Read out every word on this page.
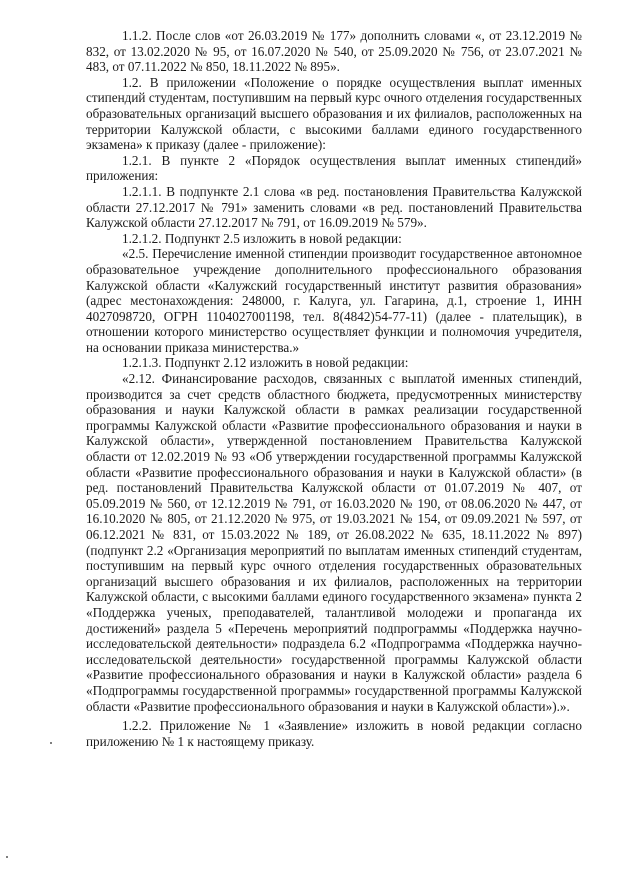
1.1.2. После слов «от 26.03.2019 № 177» дополнить словами «, от 23.12.2019 № 832, от 13.02.2020 № 95, от 16.07.2020 № 540, от 25.09.2020 № 756, от 23.07.2021 № 483, от 07.11.2022 № 850, 18.11.2022 № 895».

1.2. В приложении «Положение о порядке осуществления выплат именных стипендий студентам, поступившим на первый курс очного отделения государственных образовательных организаций высшего образования и их филиалов, расположенных на территории Калужской области, с высокими баллами единого государственного экзамена» к приказу (далее - приложение):

1.2.1. В пункте 2 «Порядок осуществления выплат именных стипендий» приложения:

1.2.1.1. В подпункте 2.1 слова «в ред. постановления Правительства Калужской области 27.12.2017 № 791» заменить словами «в ред. постановлений Правительства Калужской области 27.12.2017 № 791, от 16.09.2019 № 579».

1.2.1.2. Подпункт 2.5 изложить в новой редакции:

«2.5. Перечисление именной стипендии производит государственное автономное образовательное учреждение дополнительного профессионального образования Калужской области «Калужский государственный институт развития образования» (адрес местонахождения: 248000, г. Калуга, ул. Гагарина, д.1, строение 1, ИНН 4027098720, ОГРН 1104027001198, тел. 8(4842)54-77-11) (далее - плательщик), в отношении которого министерство осуществляет функции и полномочия учредителя, на основании приказа министерства.»

1.2.1.3. Подпункт 2.12 изложить в новой редакции:

«2.12. Финансирование расходов, связанных с выплатой именных стипендий, производится за счет средств областного бюджета, предусмотренных министерству образования и науки Калужской области в рамках реализации государственной программы Калужской области «Развитие профессионального образования и науки в Калужской области», утвержденной постановлением Правительства Калужской области от 12.02.2019 № 93 «Об утверждении государственной программы Калужской области «Развитие профессионального образования и науки в Калужской области» (в ред. постановлений Правительства Калужской области от 01.07.2019 № 407, от 05.09.2019 № 560, от 12.12.2019 № 791, от 16.03.2020 № 190, от 08.06.2020 № 447, от 16.10.2020 № 805, от 21.12.2020 № 975, от 19.03.2021 № 154, от 09.09.2021 № 597, от 06.12.2021 № 831, от 15.03.2022 № 189, от 26.08.2022 № 635, 18.11.2022 № 897) (подпункт 2.2 «Организация мероприятий по выплатам именных стипендий студентам, поступившим на первый курс очного отделения государственных образовательных организаций высшего образования и их филиалов, расположенных на территории Калужской области, с высокими баллами единого государственного экзамена» пункта 2 «Поддержка ученых, преподавателей, талантливой молодежи и пропаганда их достижений» раздела 5 «Перечень мероприятий подпрограммы «Поддержка научно-исследовательской деятельности» подраздела 6.2 «Подпрограмма «Поддержка научно-исследовательской деятельности» государственной программы Калужской области «Развитие профессионального образования и науки в Калужской области» раздела 6 «Подпрограммы государственной программы» государственной программы Калужской области «Развитие профессионального образования и науки в Калужской области»).».

1.2.2. Приложение № 1 «Заявление» изложить в новой редакции согласно приложению № 1 к настоящему приказу.
